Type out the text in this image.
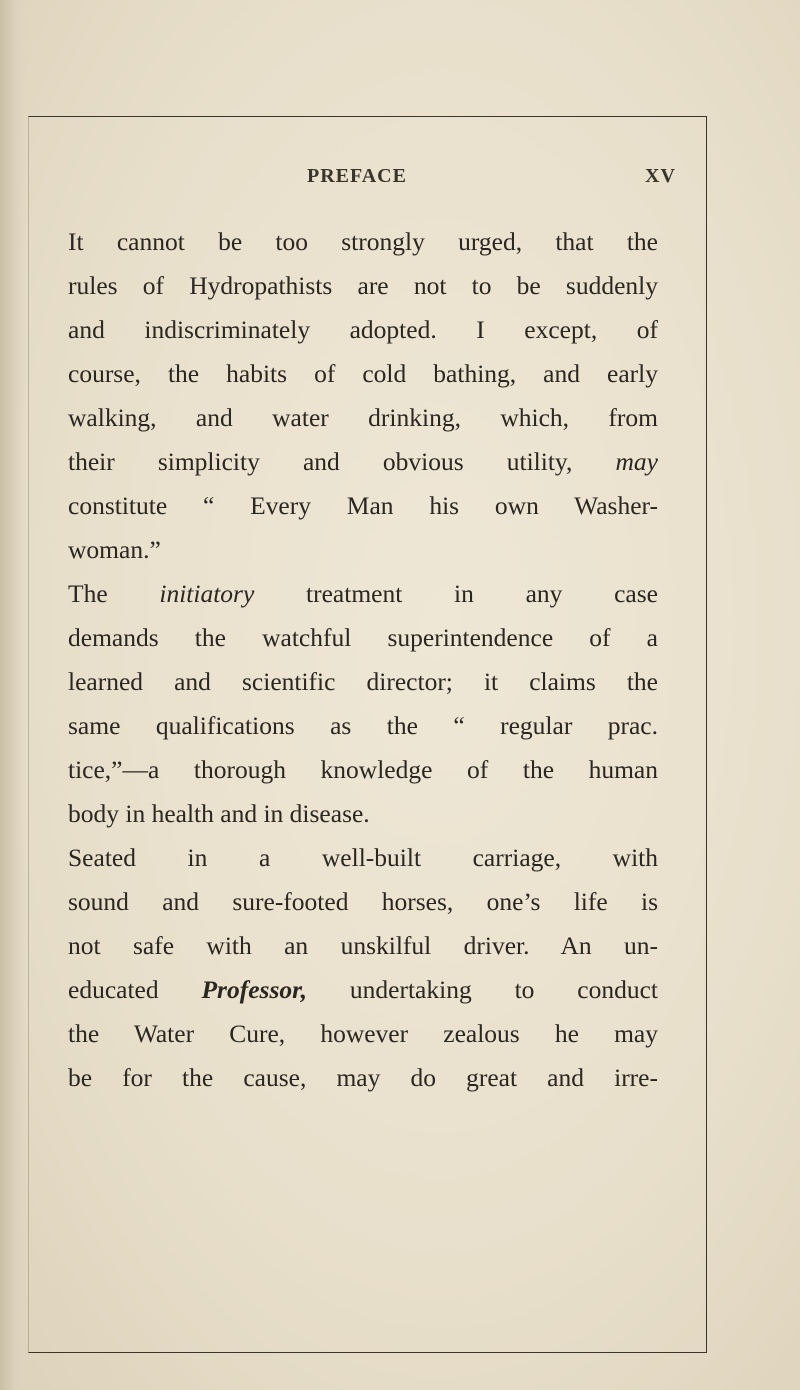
PREFACE	XV
It cannot be too strongly urged, that the
rules of Hydropathists are not to be suddenly
and indiscriminately adopted. I except, of
course, the habits of cold bathing, and early
walking, and water drinking, which, from
their simplicity and obvious utility, may
constitute “ Every Man his own Washer-
woman.”
The initiatory treatment in any case
demands the watchful superintendence of a
learned and scientific director; it claims the
same qualifications as the “ regular prac.
tice,”—a thorough knowledge of the human
body in health and in disease.
Seated in a well-built carriage, with
sound and sure-footed horses, one’s life is
not safe with an unskilful driver. An un-
educated Professor, undertaking to conduct
the Water Cure, however zealous he may
be for the cause, may do great and irre-
